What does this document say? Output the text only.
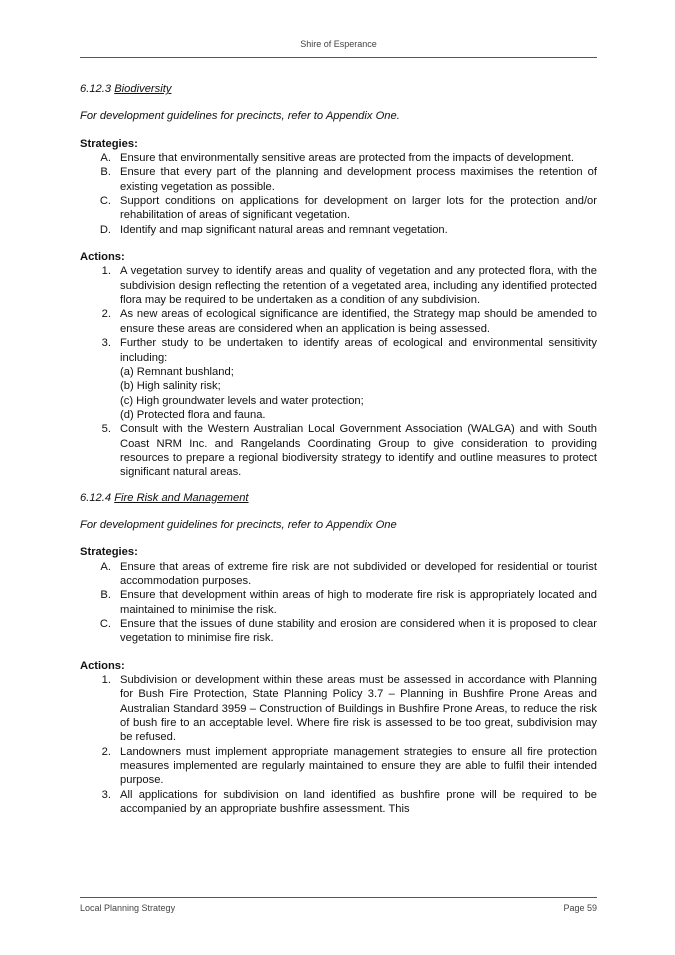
Shire of Esperance
6.12.3 Biodiversity
For development guidelines for precincts, refer to Appendix One.
Strategies:
A. Ensure that environmentally sensitive areas are protected from the impacts of development.
B. Ensure that every part of the planning and development process maximises the retention of existing vegetation as possible.
C. Support conditions on applications for development on larger lots for the protection and/or rehabilitation of areas of significant vegetation.
D. Identify and map significant natural areas and remnant vegetation.
Actions:
1. A vegetation survey to identify areas and quality of vegetation and any protected flora, with the subdivision design reflecting the retention of a vegetated area, including any identified protected flora may be required to be undertaken as a condition of any subdivision.
2. As new areas of ecological significance are identified, the Strategy map should be amended to ensure these areas are considered when an application is being assessed.
3. Further study to be undertaken to identify areas of ecological and environmental sensitivity including:
(a) Remnant bushland;
(b) High salinity risk;
(c) High groundwater levels and water protection;
(d) Protected flora and fauna.
5. Consult with the Western Australian Local Government Association (WALGA) and with South Coast NRM Inc. and Rangelands Coordinating Group to give consideration to providing resources to prepare a regional biodiversity strategy to identify and outline measures to protect significant natural areas.
6.12.4 Fire Risk and Management
For development guidelines for precincts, refer to Appendix One
Strategies:
A. Ensure that areas of extreme fire risk are not subdivided or developed for residential or tourist accommodation purposes.
B. Ensure that development within areas of high to moderate fire risk is appropriately located and maintained to minimise the risk.
C. Ensure that the issues of dune stability and erosion are considered when it is proposed to clear vegetation to minimise fire risk.
Actions:
1. Subdivision or development within these areas must be assessed in accordance with Planning for Bush Fire Protection, State Planning Policy 3.7 – Planning in Bushfire Prone Areas and Australian Standard 3959 – Construction of Buildings in Bushfire Prone Areas, to reduce the risk of bush fire to an acceptable level. Where fire risk is assessed to be too great, subdivision may be refused.
2. Landowners must implement appropriate management strategies to ensure all fire protection measures implemented are regularly maintained to ensure they are able to fulfil their intended purpose.
3. All applications for subdivision on land identified as bushfire prone will be required to be accompanied by an appropriate bushfire assessment. This
Local Planning Strategy	Page 59
